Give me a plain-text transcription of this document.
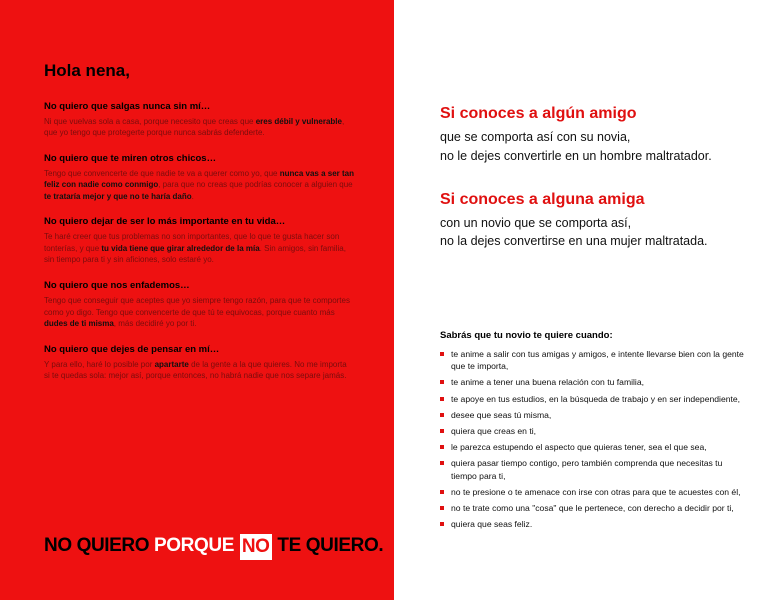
Hola nena,

No quiero que salgas nunca sin mí…

Ni que vuelvas sola a casa, porque necesito que creas que eres débil y vulnerable, que yo tengo que protegerte porque nunca sabrás defenderte.

No quiero que te miren otros chicos…

Tengo que convencerte de que nadie te va a querer como yo, que nunca vas a ser tan feliz con nadie como conmigo, para que no creas que podrías conocer a alguien que te trataría mejor y que no te haría daño.

No quiero dejar de ser lo más importante en tu vida…

Te haré creer que tus problemas no son importantes, que lo que te gusta hacer son tonterías, y que tu vida tiene que girar alrededor de la mía. Sin amigos, sin familia, sin tiempo para ti y sin aficiones, solo estaré yo.

No quiero que nos enfademos…

Tengo que conseguir que aceptes que yo siempre tengo razón, para que te comportes como yo digo. Tengo que convencerte de que tú te equivocas, porque cuanto más dudes de ti misma, más decidiré yo por ti.

No quiero que dejes de pensar en mí…

Y para ello, haré lo posible por apartarte de la gente a la que quieres. No me importa si te quedas sola: mejor así, porque entonces, no habrá nadie que nos separe jamás.

NO QUIERO PORQUE NO TE QUIERO.

Si conoces a algún amigo

que se comporta así con su novia,

no le dejes convertirle en un hombre maltratador.

Si conoces a alguna amiga

con un novio que se comporta así,

no la dejes convertirse en una mujer maltratada.

Sabrás que tu novio te quiere cuando:

te anime a salir con tus amigas y amigos, e intente llevarse bien con la gente que te importa,
te anime a tener una buena relación con tu familia,
te apoye en tus estudios, en la búsqueda de trabajo y en ser independiente,
desee que seas tú misma,
quiera que creas en ti,
le parezca estupendo el aspecto que quieras tener, sea el que sea,
quiera pasar tiempo contigo, pero también comprenda que necesitas tu tiempo para ti,
no te presione o te amenace con irse con otras para que te acuestes con él,
no te trate como una "cosa" que le pertenece, con derecho a decidir por ti,
quiera que seas feliz.
